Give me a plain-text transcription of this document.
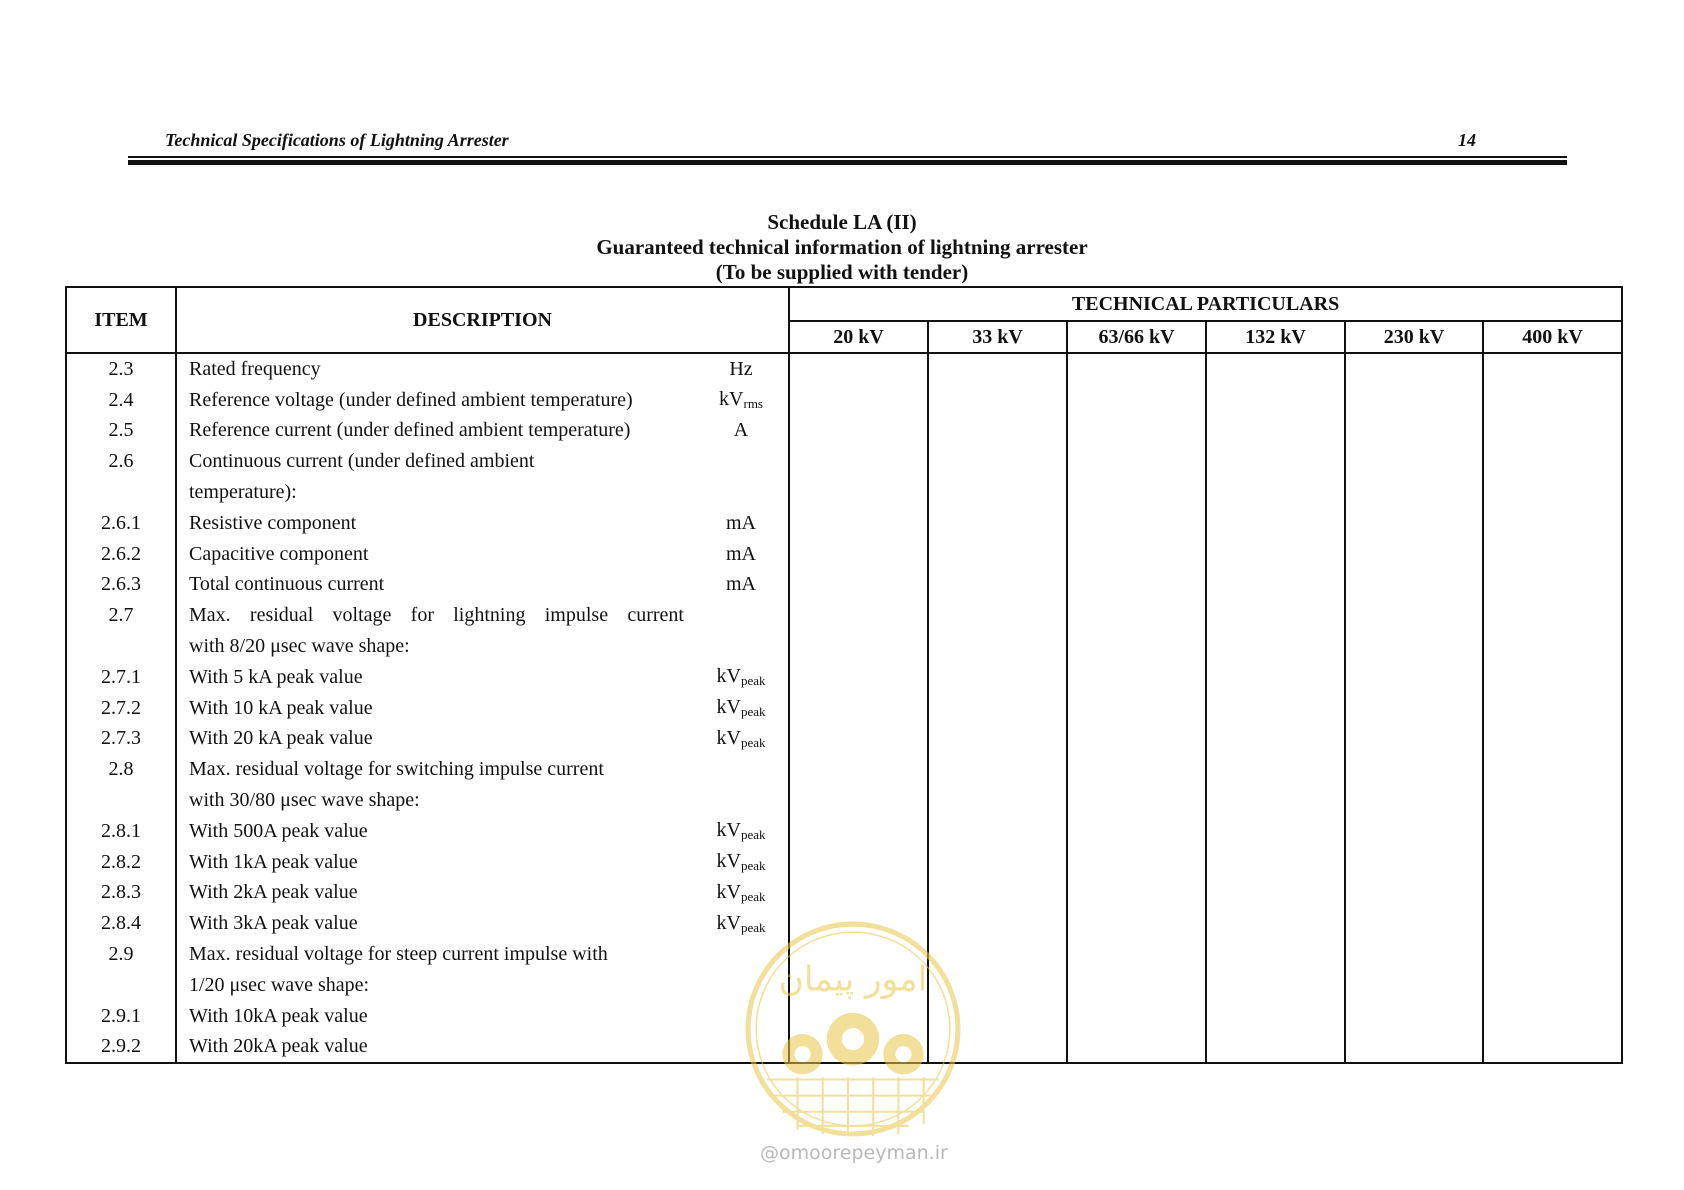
Technical Specifications of Lightning Arrester	14
Schedule LA (II)
Guaranteed technical information of lightning arrester
(To be supplied with tender)
ITEM	DESCRIPTION		TECHNICAL PARTICULARS					
			20 kV	33 kV	63/66 kV	132 kV	230 kV	400 kV
2.3	Rated frequency	Hz						
2.4	Reference voltage (under defined ambient temperature)	$kV_{rms}$						
2.5	Reference current (under defined ambient temperature)	A						
2.6	Continuous current (under defined ambient							
	temperature):							
2.6.1	Resistive component	mA						
2.6.2	Capacitive component	mA						
2.6.3	Total continuous current	mA						
2.7	Max. residual voltage for lightning impulse current							

	with 8/20 μsec wave shape:							
2.7.1	With 5 kA peak value	$kV_{peak}$						
2.7.2	With 10 kA peak value	$kV_{peak}$						
2.7.3	With 20 kA peak value	$kV_{peak}$						
2.8	Max. residual voltage for switching impulse current							
	with 30/80 μsec wave shape:							
2.8.1	With 500A peak value	$kV_{peak}$						
2.8.2	With 1kA peak value	$kV_{peak}$						
2.8.3	With 2kA peak value	$kV_{peak}$						
2.8.4	With 3kA peak value	$kV_{peak}$						
2.9	Max. residual voltage for steep current impulse with							
	1/20 μsec wave shape:							
2.9.1	With 10kA peak value							
2.9.2	With 20kA peak value							
امور پیمان
@omoorepeyman.ir
